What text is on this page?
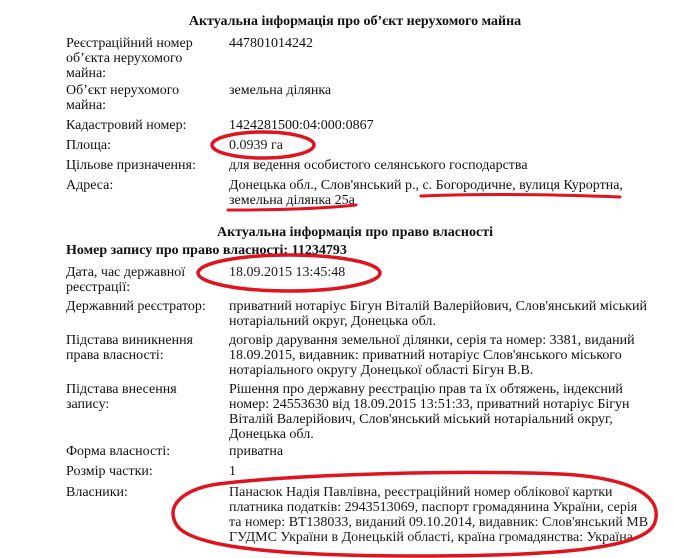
Актуальна інформація про об’єкт нерухомого майна
Реєстраційний номер об’єкта нерухомого майна:
447801014242
Об’єкт нерухомого майна:
земельна ділянка
Кадастровий номер:	1424281500:04:000:0867
Площа:	0.0939 га
Цільове призначення:	для ведення особистого селянського господарства
Адреса:	Донецька обл., Слов'янський р., с. Богородичне, вулиця Курортна, земельна ділянка 25а
Актуальна інформація про право власності
Номер запису про право власності: 11234793
Дата, час державної реєстрації:
18.09.2015 13:45:48
Державний реєстратор:	приватний нотаріус Бігун Віталій Валерійович, Слов'янський міський нотаріальний округ, Донецька обл.
Підстава виникнення права власності:
договір дарування земельної ділянки, серія та номер: 3381, виданий 18.09.2015, видавник: приватний нотаріус Слов'янського міського нотаріального округу Донецької області Бігун В.В.
Підстава внесення запису:
Рішення про державну реєстрацію прав та їх обтяжень, індексний номер: 24553630 від 18.09.2015 13:51:33, приватний нотаріус Бігун Віталій Валерійович, Слов'янський міський нотаріальний округ, Донецька обл.
Форма власності:	приватна
Розмір частки:	1
Власники:	Панасюк Надія Павлівна, реєстраційний номер облікової картки платника податків: 2943513069, паспорт громадянина України, серія та номер: ВТ138033, виданий 09.10.2014, видавник: Слов'янський МВ ГУДМС України в Донецькій області, країна громадянства: Україна
